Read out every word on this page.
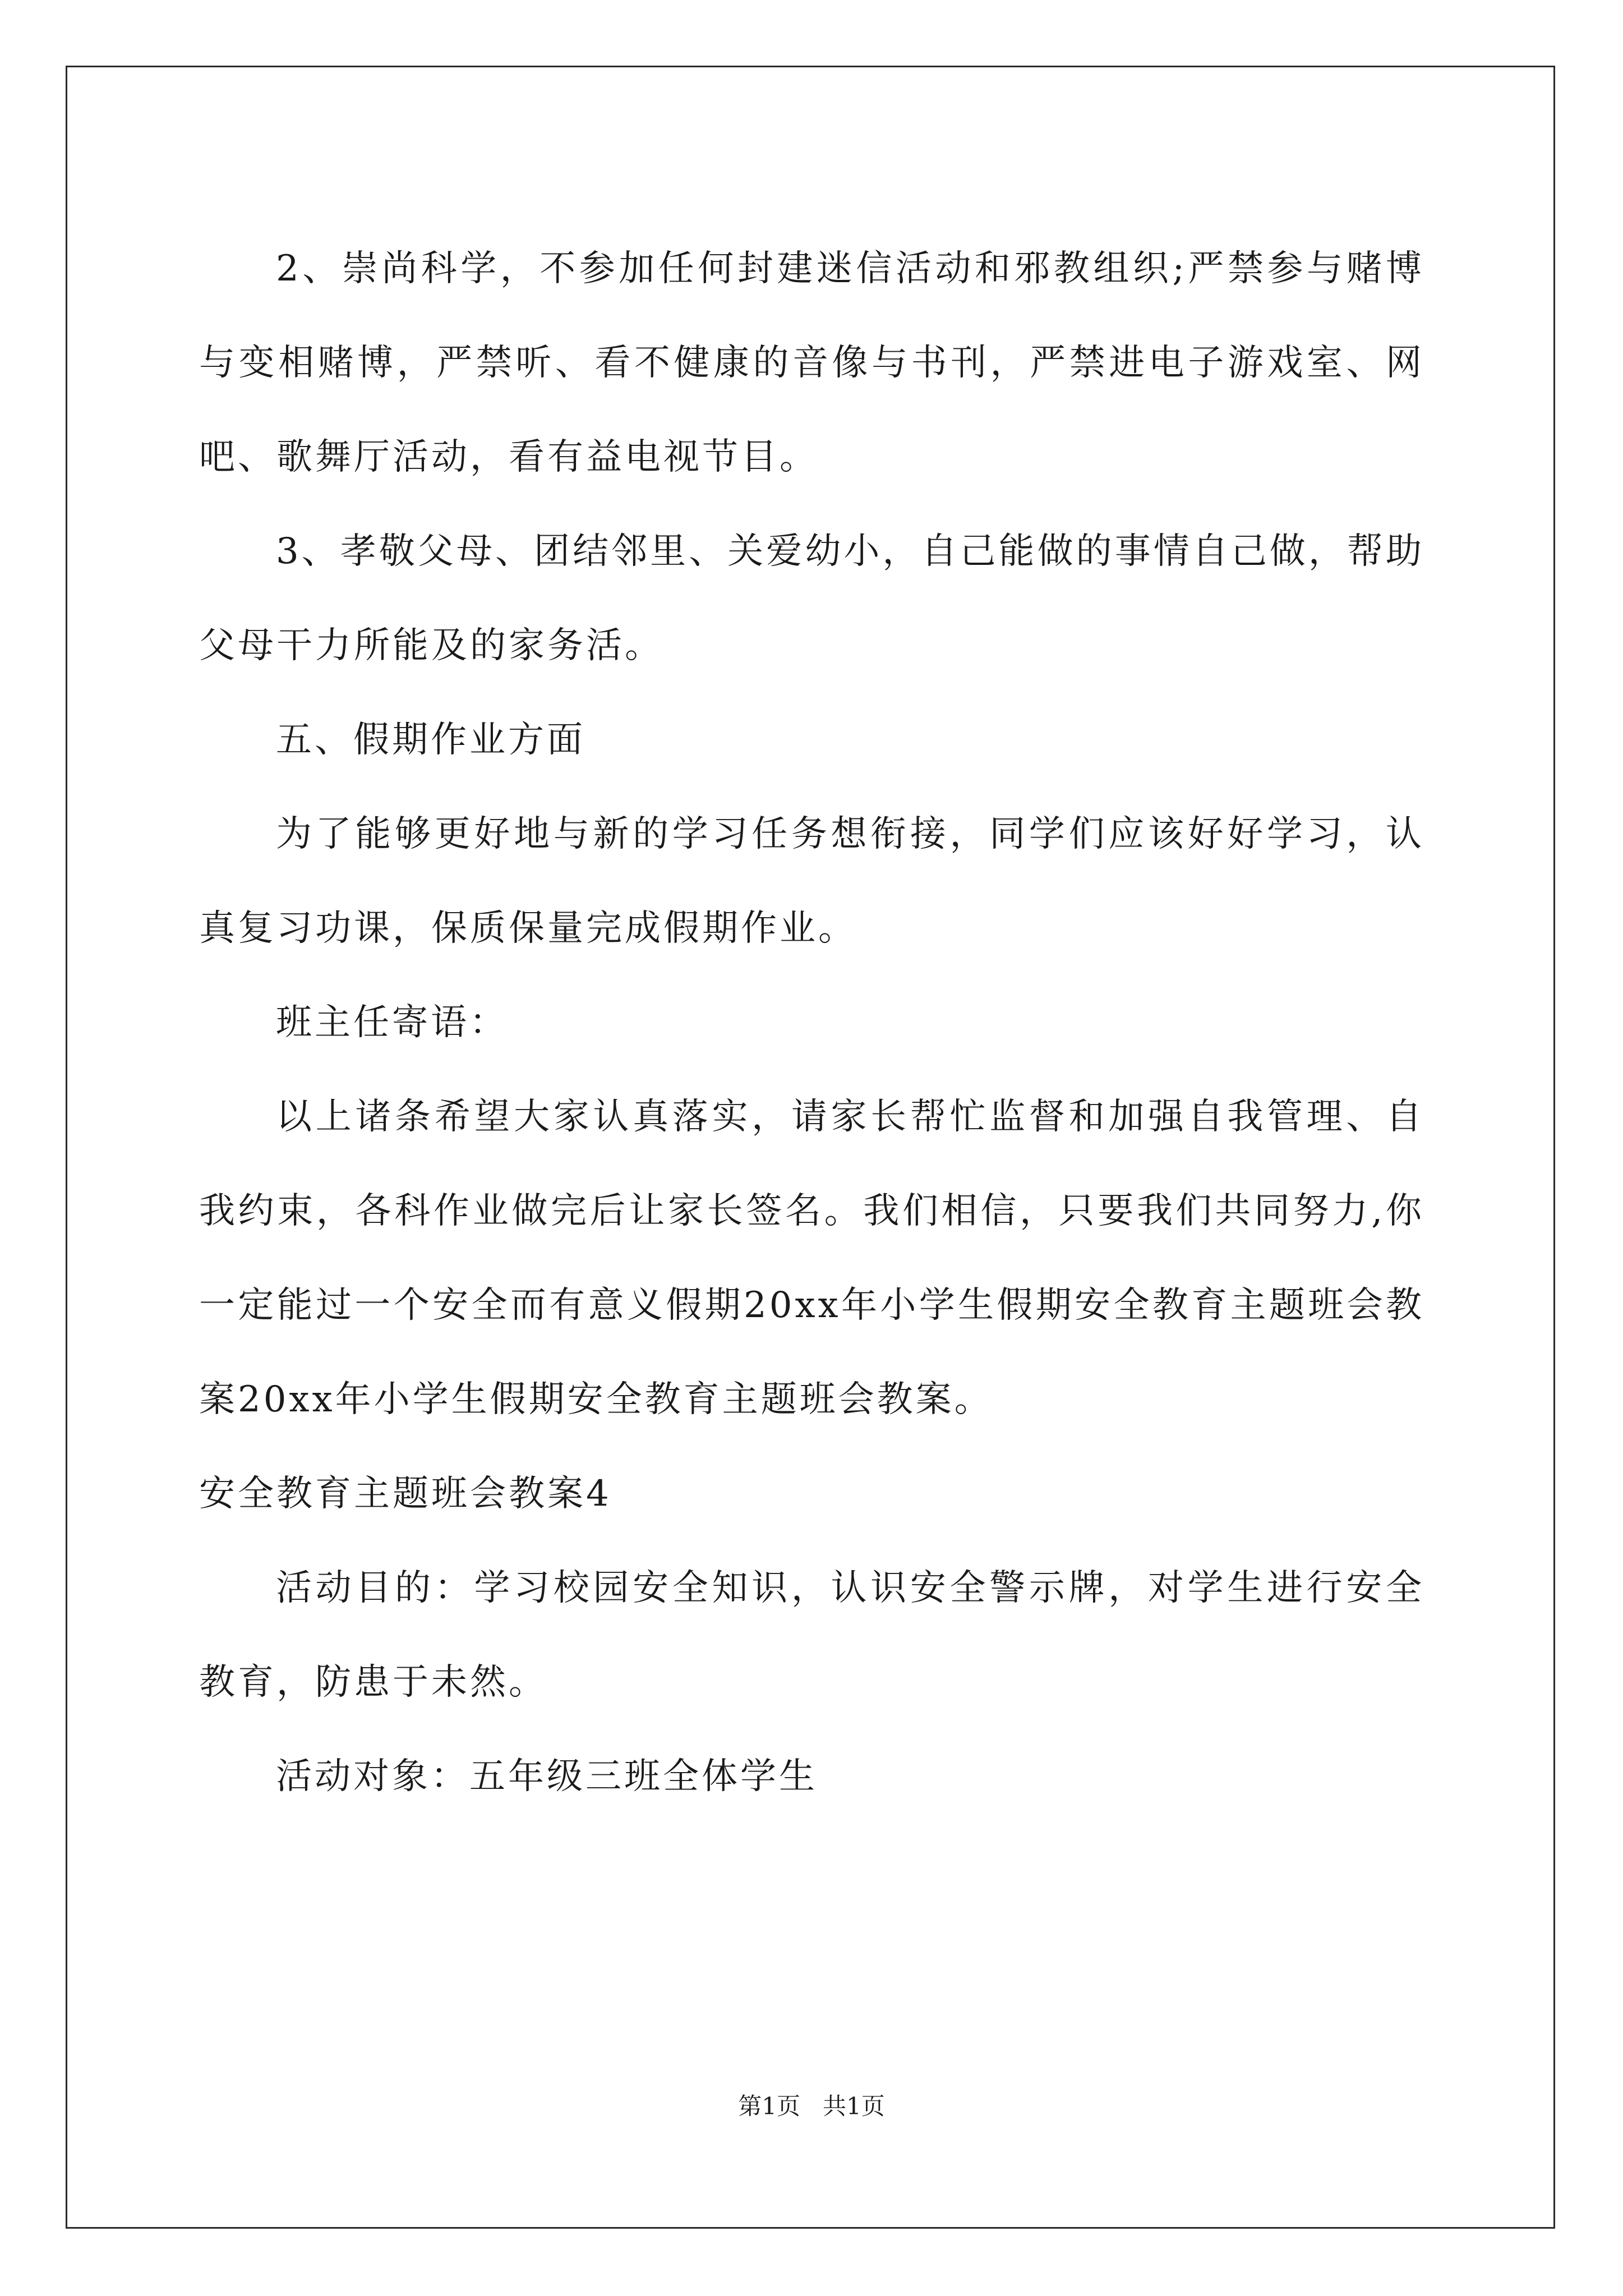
2、崇尚科学，不参加任何封建迷信活动和邪教组织;严禁参与赌博与变相赌博，严禁听、看不健康的音像与书刊，严禁进电子游戏室、网吧、歌舞厅活动，看有益电视节目。

3、孝敬父母、团结邻里、关爱幼小，自己能做的事情自己做，帮助父母干力所能及的家务活。

五、假期作业方面

为了能够更好地与新的学习任务想衔接，同学们应该好好学习，认真复习功课，保质保量完成假期作业。

班主任寄语：

以上诸条希望大家认真落实，请家长帮忙监督和加强自我管理、自我约束，各科作业做完后让家长签名。我们相信，只要我们共同努力,你一定能过一个安全而有意义假期20xx年小学生假期安全教育主题班会教案20xx年小学生假期安全教育主题班会教案。

安全教育主题班会教案4

活动目的：学习校园安全知识，认识安全警示牌，对学生进行安全教育，防患于未然。

活动对象：五年级三班全体学生

第1页 共1页
